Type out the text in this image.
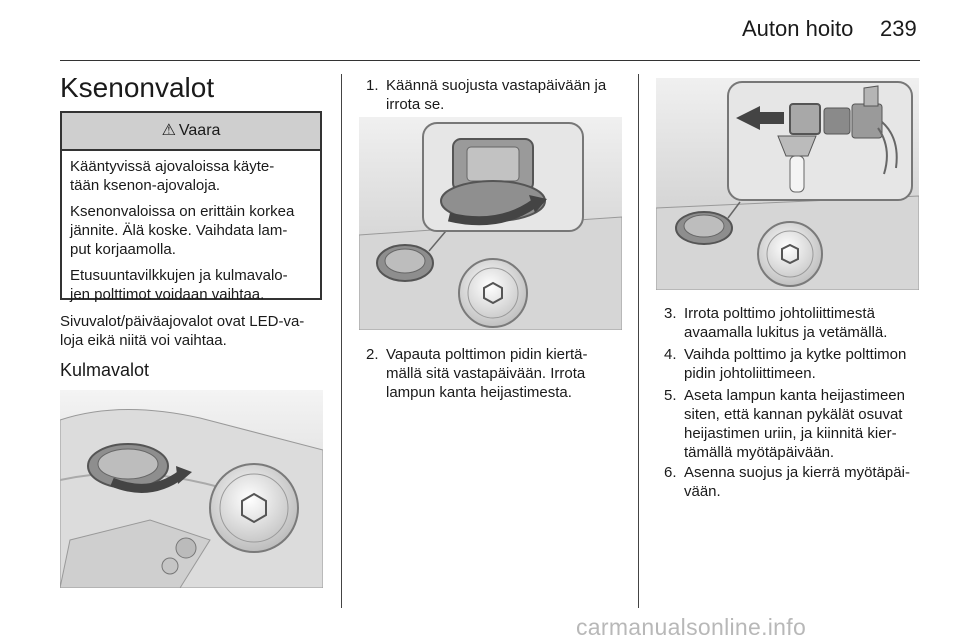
Auton hoito 239
Ksenonvalot
⚠ Vaara

Kääntyvissä ajovaloissa käyte-
tään ksenon-ajovaloja.

Ksenonvaloissa on erittäin korkea
jännite. Älä koske. Vaihdata lam-
put korjaamolla.

Etusuuntavilkkujen ja kulmavalo-
jen polttimot voidaan vaihtaa.

Sivuvalot/päiväajovalot ovat LED-va-
loja eikä niitä voi vaihtaa.

Kulmavalot

1. Käännä suojusta vastapäivään ja
irrota se.
2. Vapauta polttimon pidin kiertä-
mällä sitä vastapäivään. Irrota
lampun kanta heijastimesta.
3. Irrota polttimo johtoliittimestä
avaamalla lukitus ja vetämällä.
4. Vaihda polttimo ja kytke polttimon
pidin johtoliittimeen.
5. Aseta lampun kanta heijastimeen
siten, että kannan pykälät osuvat
heijastimen uriin, ja kiinnitä kier-
tämällä myötäpäivään.
6. Asenna suojus ja kierrä myötäpäi-
vään.
carmanualsonline.info
